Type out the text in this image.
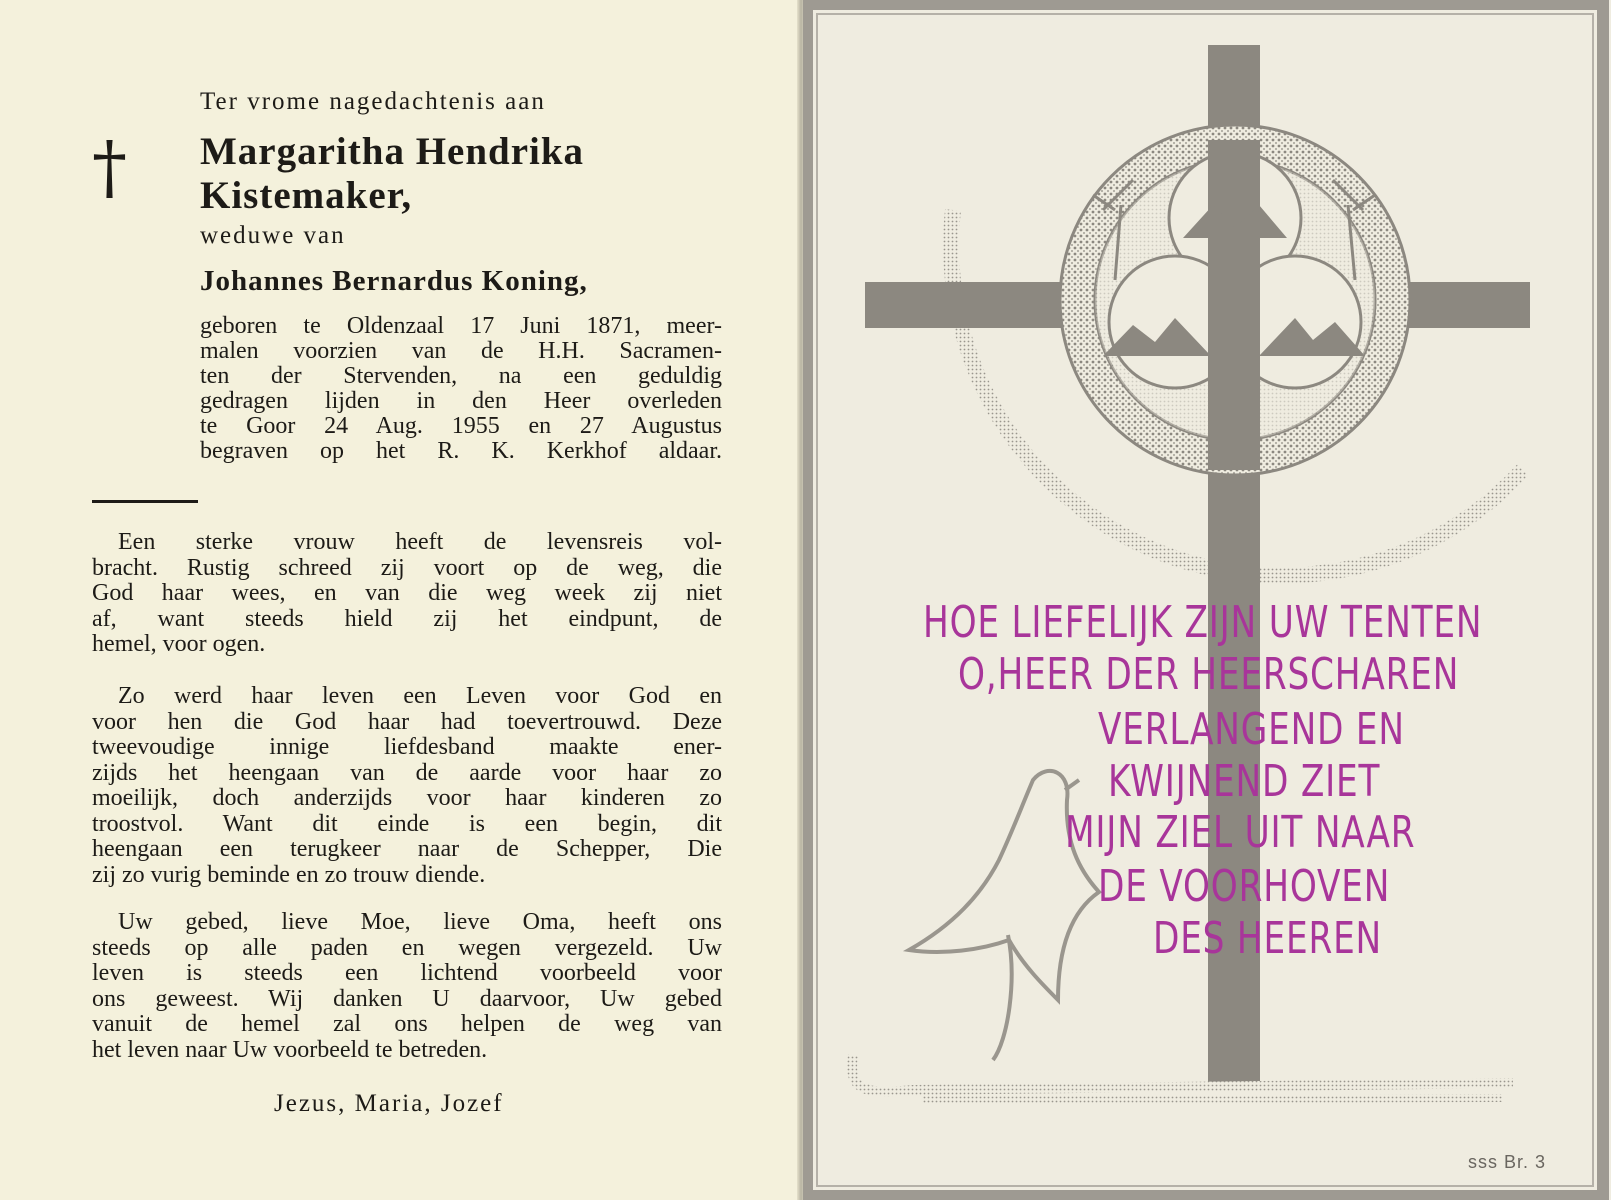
†
Ter vrome nagedachtenis aan
Margaritha Hendrika
Kistemaker,
weduwe van
Johannes Bernardus Koning,
geboren te Oldenzaal 17 Juni 1871, meer-
malen voorzien van de H.H. Sacramen-
ten der Stervenden, na een geduldig
gedragen lijden in den Heer overleden
te Goor 24 Aug. 1955 en 27 Augustus
begraven op het R. K. Kerkhof aldaar.
Een sterke vrouw heeft de levensreis vol-
bracht. Rustig schreed zij voort op de weg, die
God haar wees, en van die weg week zij niet
af, want steeds hield zij het eindpunt, de
hemel, voor ogen.
Zo werd haar leven een Leven voor God en
voor hen die God haar had toevertrouwd. Deze
tweevoudige innige liefdesband maakte ener-
zijds het heengaan van de aarde voor haar zo
moeilijk, doch anderzijds voor haar kinderen zo
troostvol. Want dit einde is een begin, dit
heengaan een terugkeer naar de Schepper, Die
zij zo vurig beminde en zo trouw diende.
Uw gebed, lieve Moe, lieve Oma, heeft ons
steeds op alle paden en wegen vergezeld. Uw
leven is steeds een lichtend voorbeeld voor
ons geweest. Wij danken U daarvoor, Uw gebed
vanuit de hemel zal ons helpen de weg van
het leven naar Uw voorbeeld te betreden.
Jezus, Maria, Jozef
HOE LIEFELIJK ZIJN UW TENTEN
O,HEER DER HEERSCHAREN
VERLANGEND EN
KWIJNEND ZIET
MIJN ZIEL UIT NAAR
DE VOORHOVEN
DES HEEREN
sss Br. 3
